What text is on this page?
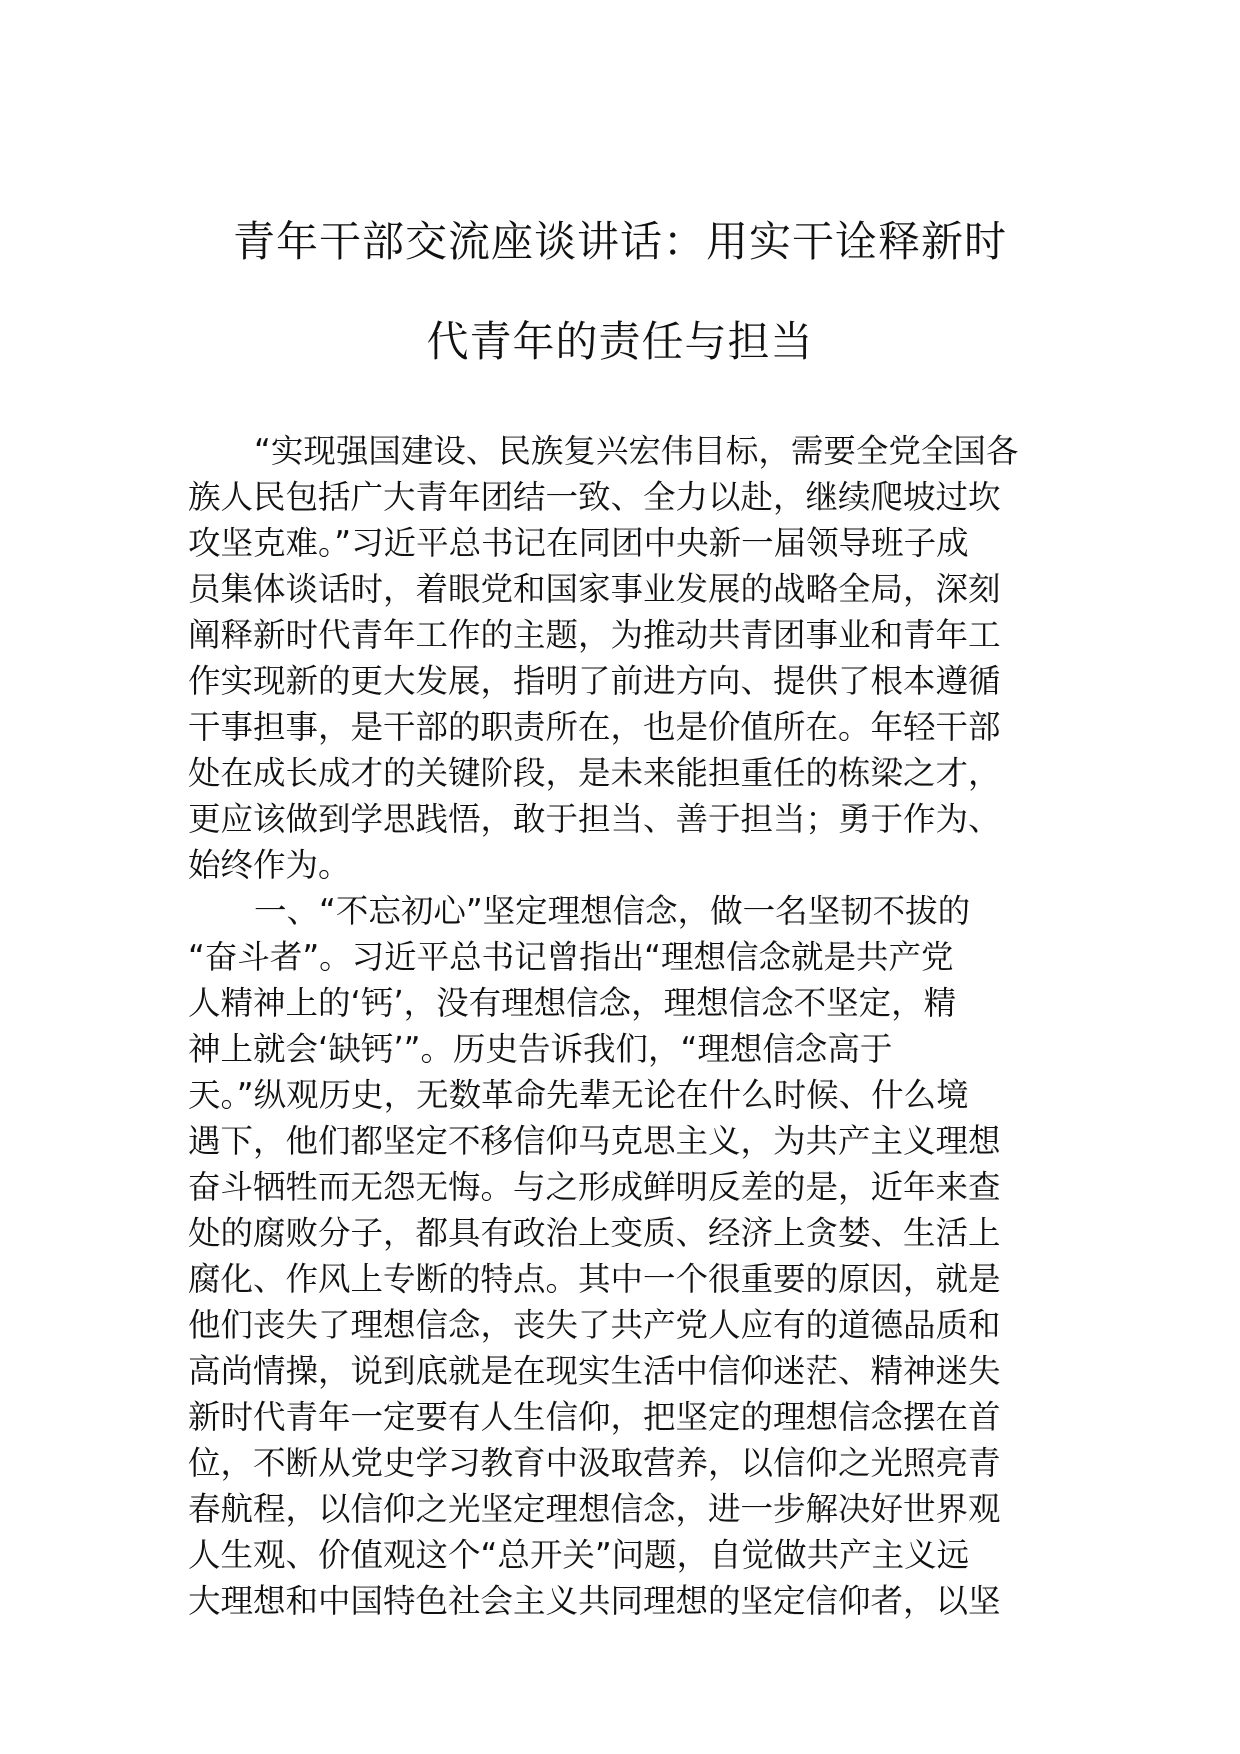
青年干部交流座谈讲话：用实干诠释新时
代青年的责任与担当
“实现强国建设、民族复兴宏伟目标，需要全党全国各
族人民包括广大青年团结一致、全力以赴，继续爬坡过坎
攻坚克难。”习近平总书记在同团中央新一届领导班子成
员集体谈话时，着眼党和国家事业发展的战略全局，深刻
阐释新时代青年工作的主题，为推动共青团事业和青年工
作实现新的更大发展，指明了前进方向、提供了根本遵循
干事担事，是干部的职责所在，也是价值所在。年轻干部
处在成长成才的关键阶段，是未来能担重任的栋梁之才，
更应该做到学思践悟，敢于担当、善于担当；勇于作为、
始终作为。
一、“不忘初心”坚定理想信念，做一名坚韧不拔的
“奋斗者”。习近平总书记曾指出“理想信念就是共产党
人精神上的‘钙’，没有理想信念，理想信念不坚定，精
神上就会‘缺钙’”。历史告诉我们，“理想信念高于
天。”纵观历史，无数革命先辈无论在什么时候、什么境
遇下，他们都坚定不移信仰马克思主义，为共产主义理想
奋斗牺牲而无怨无悔。与之形成鲜明反差的是，近年来查
处的腐败分子，都具有政治上变质、经济上贪婪、生活上
腐化、作风上专断的特点。其中一个很重要的原因，就是
他们丧失了理想信念，丧失了共产党人应有的道德品质和
高尚情操，说到底就是在现实生活中信仰迷茫、精神迷失
新时代青年一定要有人生信仰，把坚定的理想信念摆在首
位，不断从党史学习教育中汲取营养，以信仰之光照亮青
春航程，以信仰之光坚定理想信念，进一步解决好世界观
人生观、价值观这个“总开关”问题，自觉做共产主义远
大理想和中国特色社会主义共同理想的坚定信仰者，以坚
